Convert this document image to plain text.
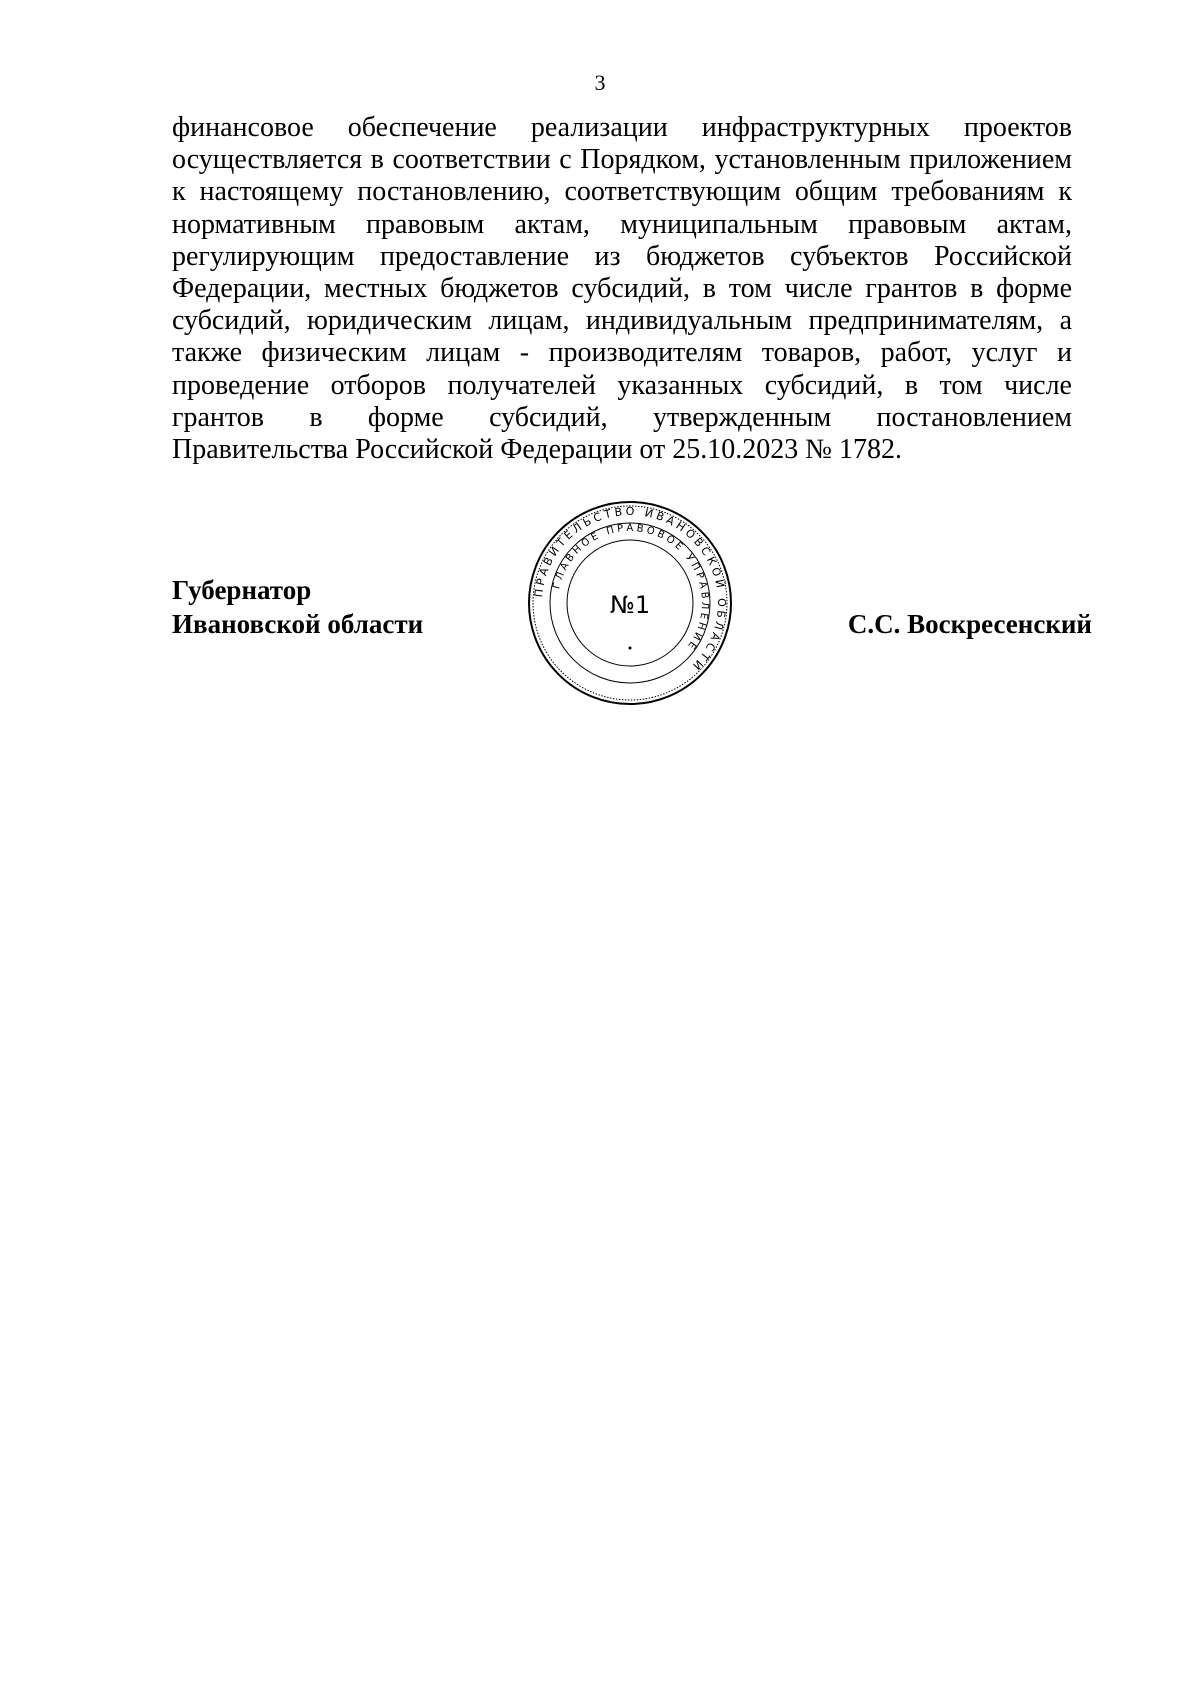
3
финансовое обеспечение реализации инфраструктурных проектов
осуществляется в соответствии с Порядком, установленным приложением
к настоящему постановлению, соответствующим общим требованиям к
нормативным правовым актам, муниципальным правовым актам,
регулирующим предоставление из бюджетов субъектов Российской
Федерации, местных бюджетов субсидий, в том числе грантов в форме
субсидий, юридическим лицам, индивидуальным предпринимателям, а
также физическим лицам - производителям товаров, работ, услуг и
проведение отборов получателей указанных субсидий, в том числе
грантов в форме субсидий, утвержденным постановлением
Правительства Российской Федерации от 25.10.2023 № 1782.
Губернатор
Ивановской области	С.С. Воскресенский
ПРАВИТЕЛЬСТВО ИВАНОВСКОЙ ОБЛАСТИ
ГЛАВНОЕ ПРАВОВОЕ УПРАВЛЕНИЕ
№1
